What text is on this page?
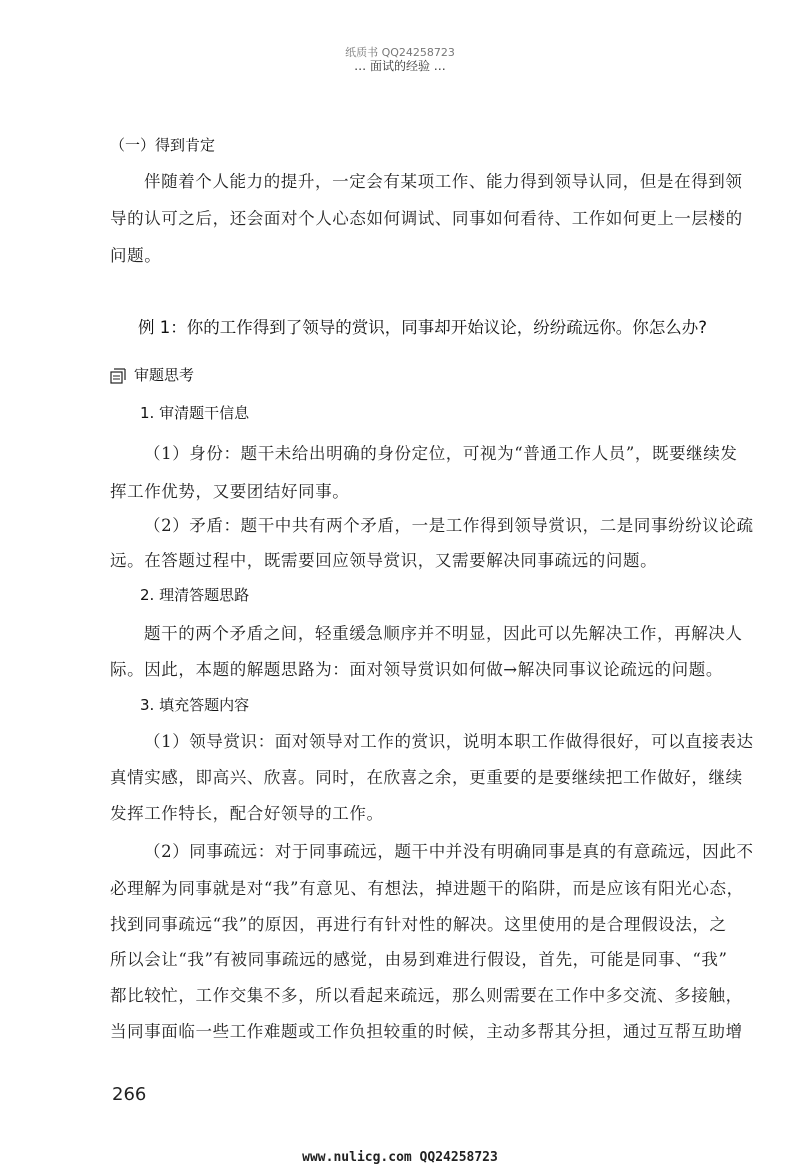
纸质书 QQ24258723
… 面试的经验 …
（一）得到肯定
伴随着个人能力的提升，一定会有某项工作、能力得到领导认同，但是在得到领
导的认可之后，还会面对个人心态如何调试、同事如何看待、工作如何更上一层楼的
问题。
例 1：你的工作得到了领导的赏识，同事却开始议论，纷纷疏远你。你怎么办?
审题思考
1. 审清题干信息
（1）身份：题干未给出明确的身份定位，可视为“普通工作人员”，既要继续发
挥工作优势，又要团结好同事。
（2）矛盾：题干中共有两个矛盾，一是工作得到领导赏识，二是同事纷纷议论疏
远。在答题过程中，既需要回应领导赏识，又需要解决同事疏远的问题。
2. 理清答题思路
题干的两个矛盾之间，轻重缓急顺序并不明显，因此可以先解决工作，再解决人
际。因此，本题的解题思路为：面对领导赏识如何做→解决同事议论疏远的问题。
3. 填充答题内容
（1）领导赏识：面对领导对工作的赏识，说明本职工作做得很好，可以直接表达
真情实感，即高兴、欣喜。同时，在欣喜之余，更重要的是要继续把工作做好，继续
发挥工作特长，配合好领导的工作。
（2）同事疏远：对于同事疏远，题干中并没有明确同事是真的有意疏远，因此不
必理解为同事就是对“我”有意见、有想法，掉进题干的陷阱，而是应该有阳光心态，
找到同事疏远“我”的原因，再进行有针对性的解决。这里使用的是合理假设法，之
所以会让“我”有被同事疏远的感觉，由易到难进行假设，首先，可能是同事、“我”
都比较忙，工作交集不多，所以看起来疏远，那么则需要在工作中多交流、多接触，
当同事面临一些工作难题或工作负担较重的时候，主动多帮其分担，通过互帮互助增
266
www.nulicg.com QQ24258723
